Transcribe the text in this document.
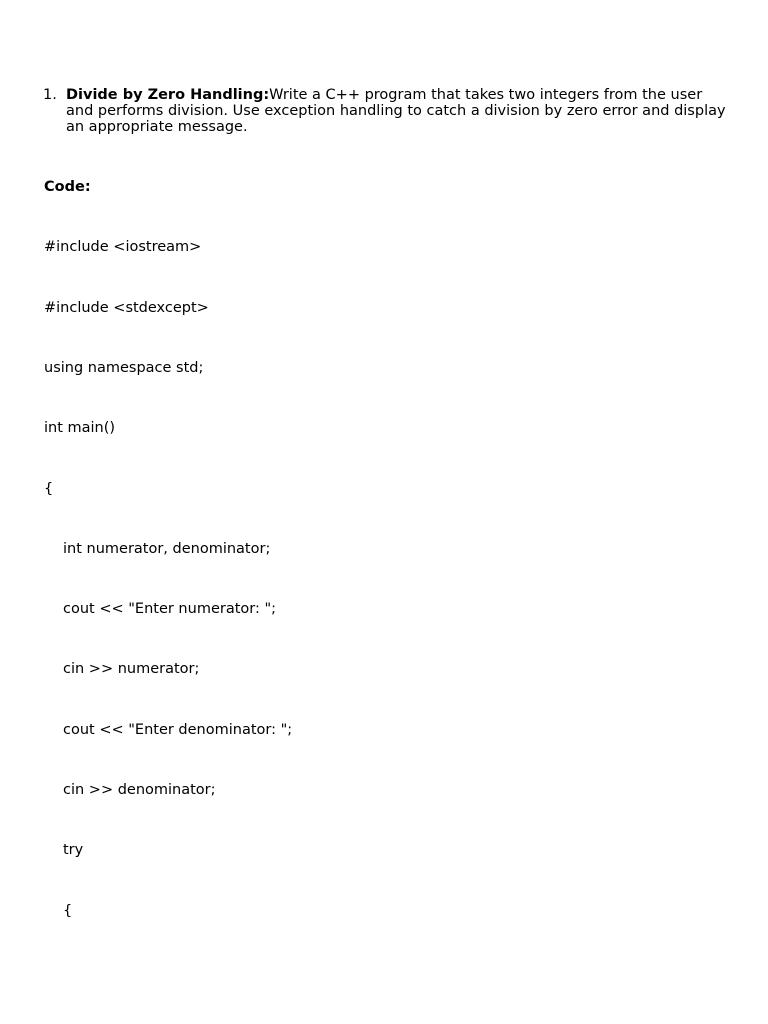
1. Divide by Zero Handling:Write a C++ program that takes two integers from the user and performs division. Use exception handling to catch a division by zero error and display an appropriate message.
Code:
#include <iostream>
#include <stdexcept>
using namespace std;
int main()
{
int numerator, denominator;
cout << "Enter numerator: ";
cin >> numerator;
cout << "Enter denominator: ";
cin >> denominator;
try
{
